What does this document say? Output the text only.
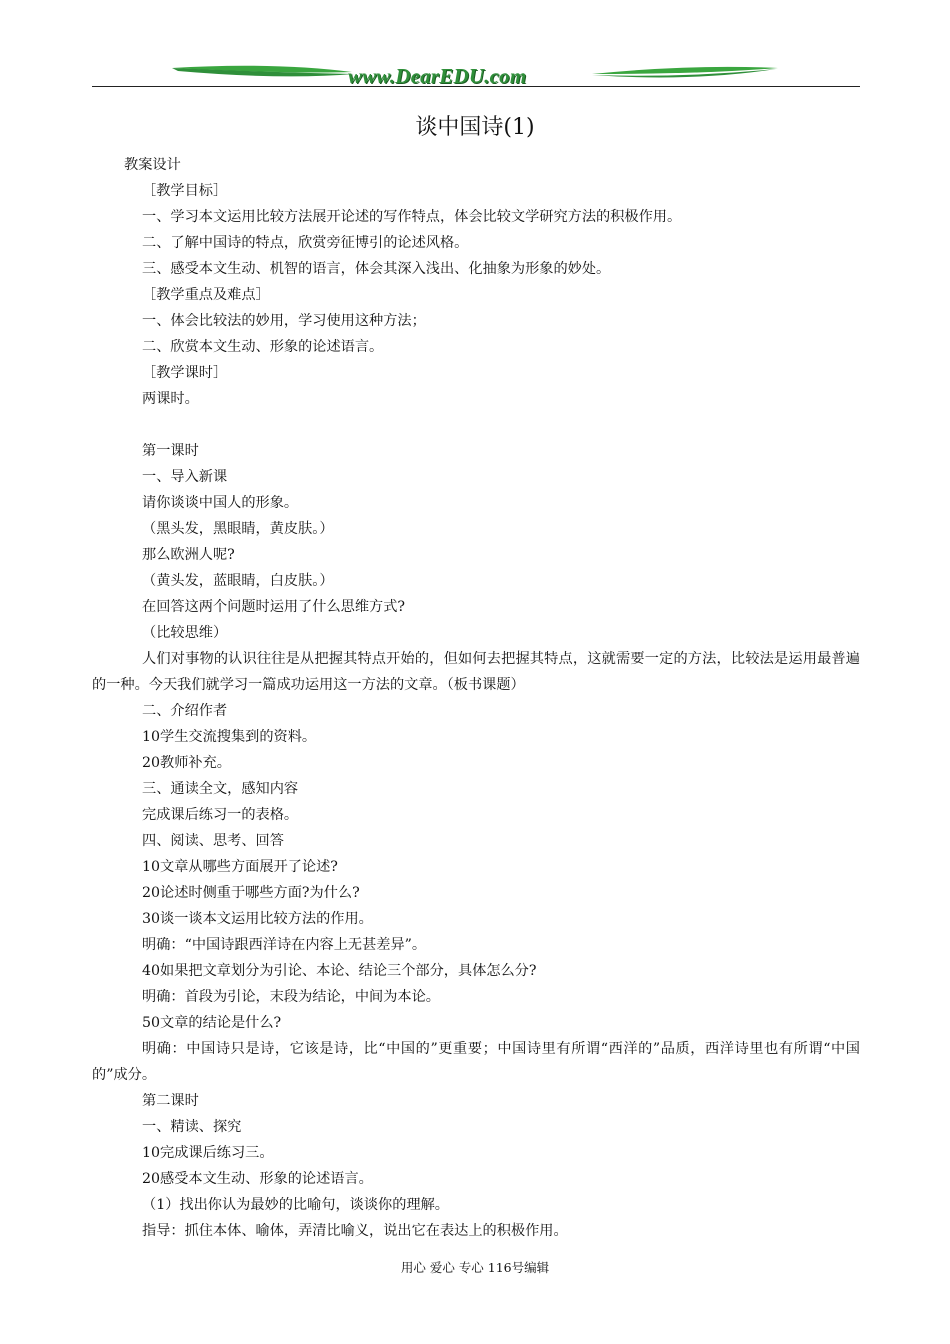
www.DearEDU.com
谈中国诗(1)

教案设计

［教学目标］

一、学习本文运用比较方法展开论述的写作特点，体会比较文学研究方法的积极作用。

二、了解中国诗的特点，欣赏旁征博引的论述风格。

三、感受本文生动、机智的语言，体会其深入浅出、化抽象为形象的妙处。

［教学重点及难点］

一、体会比较法的妙用，学习使用这种方法；

二、欣赏本文生动、形象的论述语言。

［教学课时］

两课时。

第一课时

一、导入新课

请你谈谈中国人的形象。

（黑头发，黑眼睛，黄皮肤。）

那么欧洲人呢?

（黄头发，蓝眼睛，白皮肤。）

在回答这两个问题时运用了什么思维方式?

（比较思维）

人们对事物的认识往往是从把握其特点开始的，但如何去把握其特点，这就需要一定的方法，比较法是运用最普遍的一种。今天我们就学习一篇成功运用这一方法的文章。（板书课题）

二、介绍作者

10学生交流搜集到的资料。

20教师补充。

三、通读全文，感知内容

完成课后练习一的表格。

四、阅读、思考、回答

10文章从哪些方面展开了论述?

20论述时侧重于哪些方面?为什么?

30谈一谈本文运用比较方法的作用。

明确：“中国诗跟西洋诗在内容上无甚差异”。

40如果把文章划分为引论、本论、结论三个部分，具体怎么分?

明确：首段为引论，末段为结论，中间为本论。

50文章的结论是什么?

明确：中国诗只是诗，它该是诗，比“中国的”更重要；中国诗里有所谓“西洋的”品质，西洋诗里也有所谓“中国的”成分。

第二课时

一、精读、探究

10完成课后练习三。

20感受本文生动、形象的论述语言。

（1）找出你认为最妙的比喻句，谈谈你的理解。

指导：抓住本体、喻体，弄清比喻义，说出它在表达上的积极作用。

用心 爱心 专心 116号编辑
